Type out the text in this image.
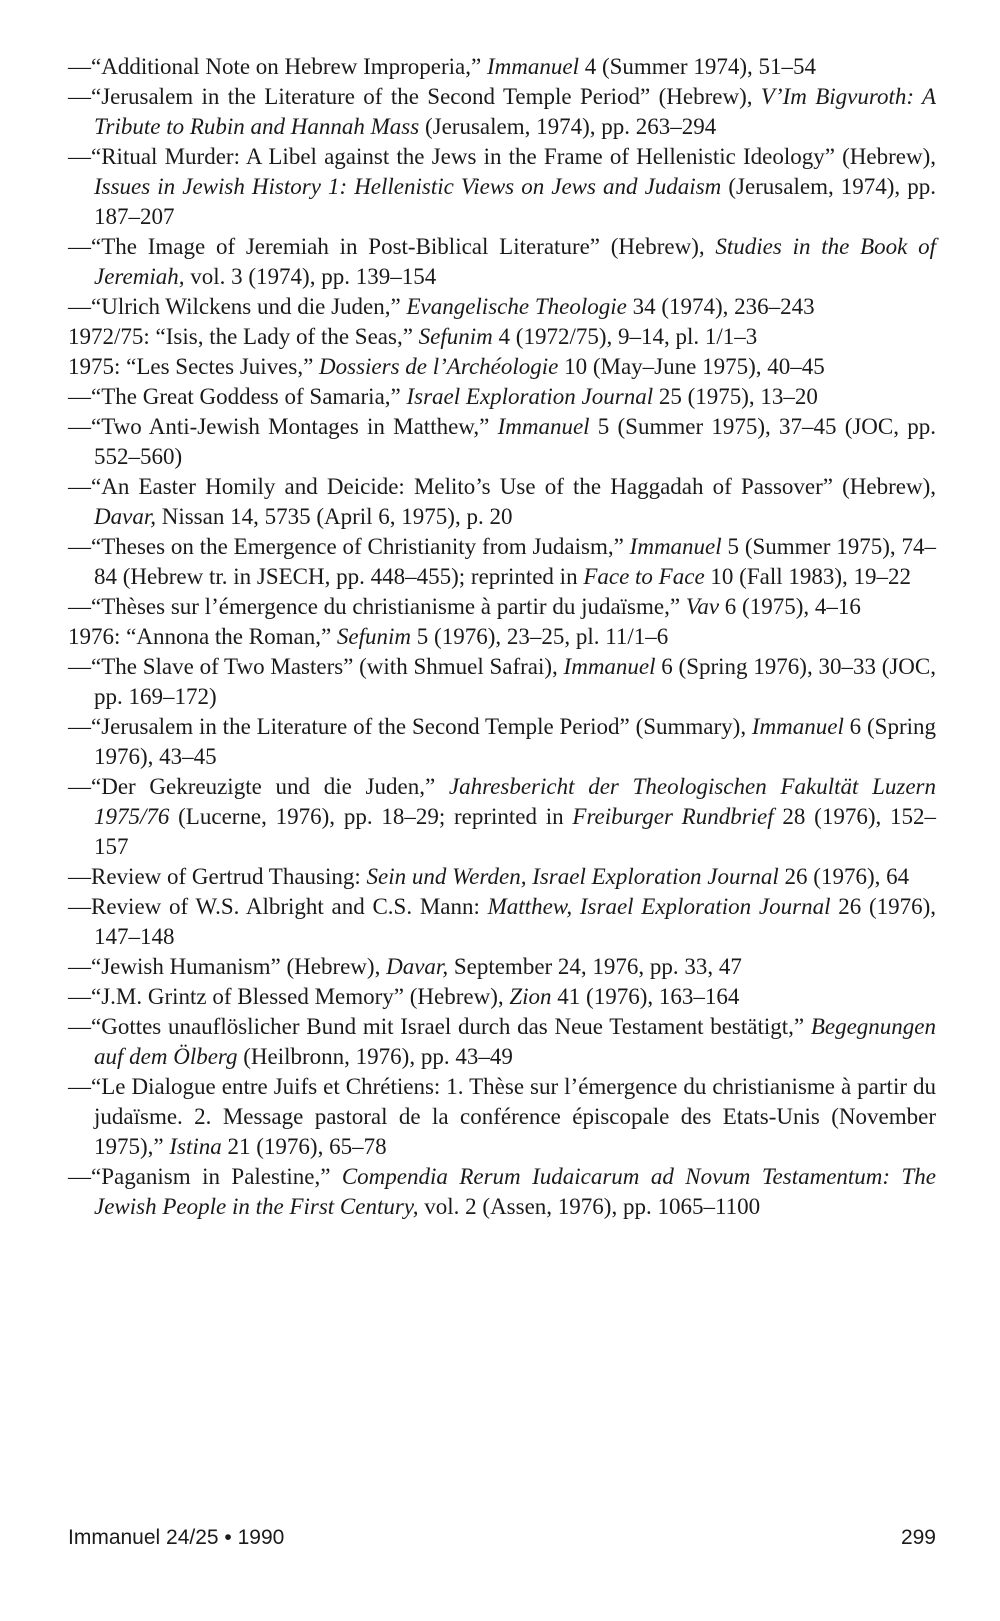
—“Additional Note on Hebrew Improperia,” Immanuel 4 (Summer 1974), 51–54

—“Jerusalem in the Literature of the Second Temple Period” (Hebrew), V’Im Bigvuroth: A Tribute to Rubin and Hannah Mass (Jerusalem, 1974), pp. 263–294

—“Ritual Murder: A Libel against the Jews in the Frame of Hellenistic Ideology” (Hebrew), Issues in Jewish History 1: Hellenistic Views on Jews and Judaism (Jerusalem, 1974), pp. 187–207

—“The Image of Jeremiah in Post-Biblical Literature” (Hebrew), Studies in the Book of Jeremiah, vol. 3 (1974), pp. 139–154

—“Ulrich Wilckens und die Juden,” Evangelische Theologie 34 (1974), 236–243

1972/75: “Isis, the Lady of the Seas,” Sefunim 4 (1972/75), 9–14, pl. 1/1–3

1975: “Les Sectes Juives,” Dossiers de l’Archéologie 10 (May–June 1975), 40–45

—“The Great Goddess of Samaria,” Israel Exploration Journal 25 (1975), 13–20

—“Two Anti-Jewish Montages in Matthew,” Immanuel 5 (Summer 1975), 37–45 (JOC, pp. 552–560)

—“An Easter Homily and Deicide: Melito’s Use of the Haggadah of Passover” (Hebrew), Davar, Nissan 14, 5735 (April 6, 1975), p. 20

—“Theses on the Emergence of Christianity from Judaism,” Immanuel 5 (Summer 1975), 74–84 (Hebrew tr. in JSECH, pp. 448–455); reprinted in Face to Face 10 (Fall 1983), 19–22

—“Thèses sur l’émergence du christianisme à partir du judaïsme,” Vav 6 (1975), 4–16

1976: “Annona the Roman,” Sefunim 5 (1976), 23–25, pl. 11/1–6

—“The Slave of Two Masters” (with Shmuel Safrai), Immanuel 6 (Spring 1976), 30–33 (JOC, pp. 169–172)

—“Jerusalem in the Literature of the Second Temple Period” (Summary), Immanuel 6 (Spring 1976), 43–45

—“Der Gekreuzigte und die Juden,” Jahresbericht der Theologischen Fakultät Luzern 1975/76 (Lucerne, 1976), pp. 18–29; reprinted in Freiburger Rundbrief 28 (1976), 152–157

—Review of Gertrud Thausing: Sein und Werden, Israel Exploration Journal 26 (1976), 64

—Review of W.S. Albright and C.S. Mann: Matthew, Israel Exploration Journal 26 (1976), 147–148

—“Jewish Humanism” (Hebrew), Davar, September 24, 1976, pp. 33, 47

—“J.M. Grintz of Blessed Memory” (Hebrew), Zion 41 (1976), 163–164

—“Gottes unauflöslicher Bund mit Israel durch das Neue Testament bestätigt,” Begegnungen auf dem Ölberg (Heilbronn, 1976), pp. 43–49

—“Le Dialogue entre Juifs et Chrétiens: 1. Thèse sur l’émergence du christianisme à partir du judaïsme. 2. Message pastoral de la conférence épiscopale des Etats-Unis (November 1975),” Istina 21 (1976), 65–78

—“Paganism in Palestine,” Compendia Rerum Iudaicarum ad Novum Testamentum: The Jewish People in the First Century, vol. 2 (Assen, 1976), pp. 1065–1100

Immanuel 24/25 • 1990	299
